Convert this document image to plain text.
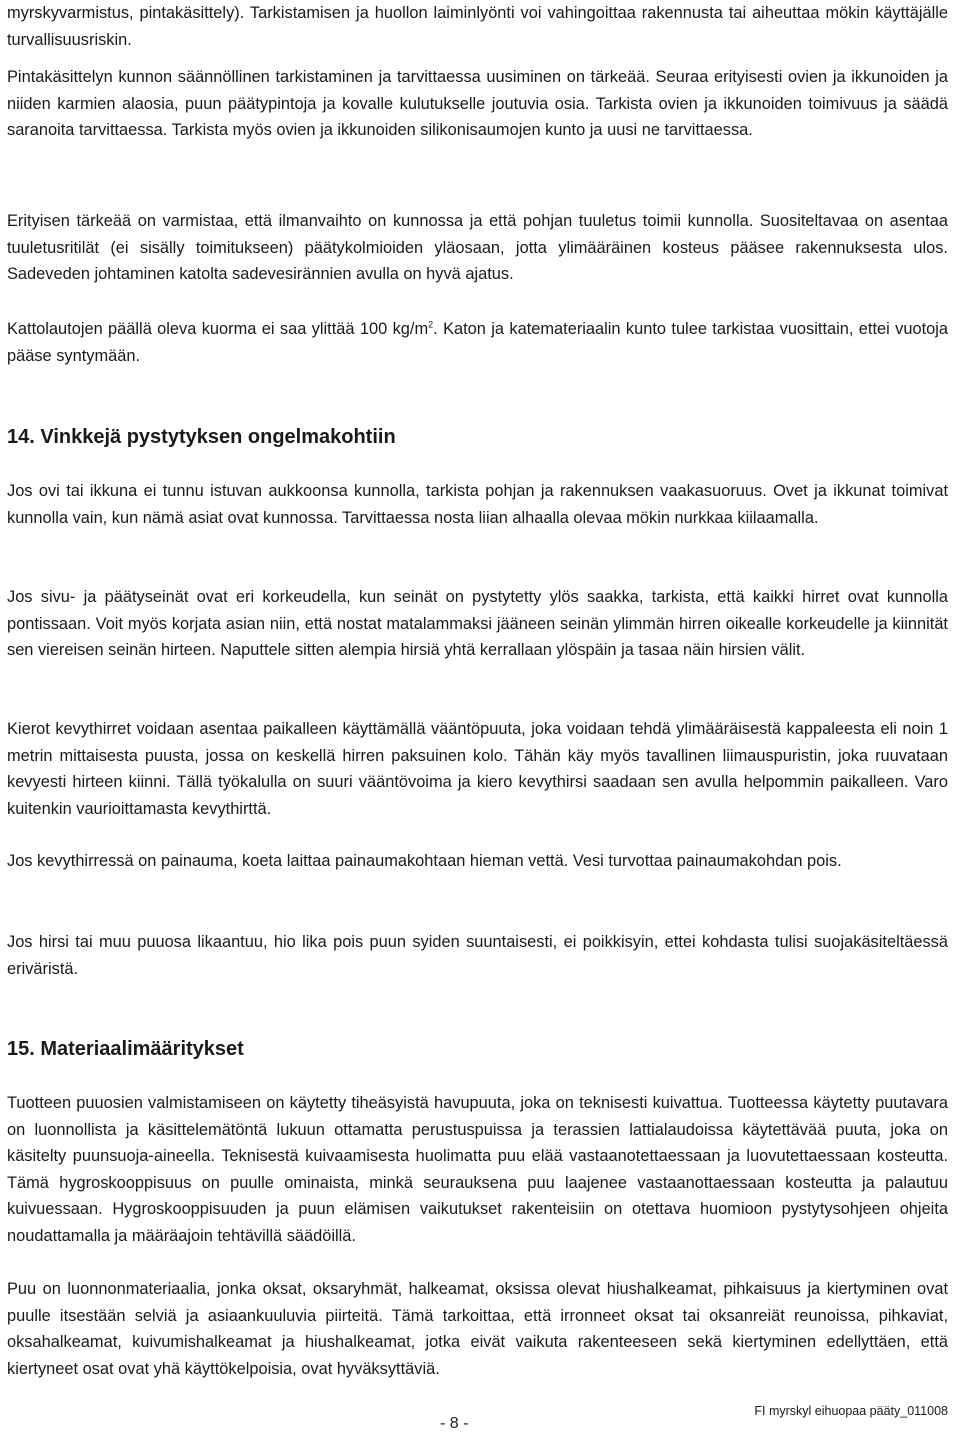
myrskyvarmistus, pintakäsittely). Tarkistamisen ja huollon laiminlyönti voi vahingoittaa rakennusta tai aiheuttaa mökin käyttäjälle turvallisuusriskin.

Pintakäsittelyn kunnon säännöllinen tarkistaminen ja tarvittaessa uusiminen on tärkeää. Seuraa erityisesti ovien ja ikkunoiden ja niiden karmien alaosia, puun päätypintoja ja kovalle kulutukselle joutuvia osia. Tarkista ovien ja ikkunoiden toimivuus ja säädä saranoita tarvittaessa. Tarkista myös ovien ja ikkunoiden silikonisaumojen kunto ja uusi ne tarvittaessa.

Erityisen tärkeää on varmistaa, että ilmanvaihto on kunnossa ja että pohjan tuuletus toimii kunnolla. Suositeltavaa on asentaa tuuletusritilät (ei sisälly toimitukseen) päätykolmioiden yläosaan, jotta ylimääräinen kosteus pääsee rakennuksesta ulos. Sadeveden johtaminen katolta sadevesirännien avulla on hyvä ajatus.

Kattolautojen päällä oleva kuorma ei saa ylittää 100 $kg/m^2$. Katon ja katemateriaalin kunto tulee tarkistaa vuosittain, ettei vuotoja pääse syntymään.

14. Vinkkejä pystytyksen ongelmakohtiin

Jos ovi tai ikkuna ei tunnu istuvan aukkoonsa kunnolla, tarkista pohjan ja rakennuksen vaakasuoruus. Ovet ja ikkunat toimivat kunnolla vain, kun nämä asiat ovat kunnossa. Tarvittaessa nosta liian alhaalla olevaa mökin nurkkaa kiilaamalla.

Jos sivu- ja päätyseinät ovat eri korkeudella, kun seinät on pystytetty ylös saakka, tarkista, että kaikki hirret ovat kunnolla pontissaan. Voit myös korjata asian niin, että nostat matalammaksi jääneen seinän ylimmän hirren oikealle korkeudelle ja kiinnität sen viereisen seinän hirteen. Naputtele sitten alempia hirsiä yhtä kerrallaan ylöspäin ja tasaa näin hirsien välit.

Kierot kevythirret voidaan asentaa paikalleen käyttämällä vääntöpuuta, joka voidaan tehdä ylimääräisestä kappaleesta eli noin 1 metrin mittaisesta puusta, jossa on keskellä hirren paksuinen kolo. Tähän käy myös tavallinen liimauspuristin, joka ruuvataan kevyesti hirteen kiinni. Tällä työkalulla on suuri vääntövoima ja kiero kevythirsi saadaan sen avulla helpommin paikalleen. Varo kuitenkin vaurioittamasta kevythirttä.

Jos kevythirressä on painauma, koeta laittaa painaumakohtaan hieman vettä. Vesi turvottaa painaumakohdan pois.

Jos hirsi tai muu puuosa likaantuu, hio lika pois puun syiden suuntaisesti, ei poikkisyin, ettei kohdasta tulisi suojakäsiteltäessä eriväristä.

15. Materiaalimääritykset

Tuotteen puuosien valmistamiseen on käytetty tiheäsyistä havupuuta, joka on teknisesti kuivattua. Tuotteessa käytetty puutavara on luonnollista ja käsittelemätöntä lukuun ottamatta perustuspuissa ja terassien lattialaudoissa käytettävää puuta, joka on käsitelty puunsuoja-aineella. Teknisestä kuivaamisesta huolimatta puu elää vastaanotettaessaan ja luovutettaessaan kosteutta. Tämä hygroskooppisuus on puulle ominaista, minkä seurauksena puu laajenee vastaanottaessaan kosteutta ja palautuu kuivuessaan. Hygroskooppisuuden ja puun elämisen vaikutukset rakenteisiin on otettava huomioon pystytysohjeen ohjeita noudattamalla ja määräajoin tehtävillä säädöillä.

Puu on luonnonmateriaalia, jonka oksat, oksaryhmät, halkeamat, oksissa olevat hiushalkeamat, pihkaisuus ja kiertyminen ovat puulle itsestään selviä ja asiaankuuluvia piirteitä. Tämä tarkoittaa, että irronneet oksat tai oksanreiät reunoissa, pihkaviat, oksahalkeamat, kuivumishalkeamat ja hiushalkeamat, jotka eivät vaikuta rakenteeseen sekä kiertyminen edellyttäen, että kiertyneet osat ovat yhä käyttökelpoisia, ovat hyväksyttäviä.

- 8 -
FI myrskyl eihuopaa pääty_011008
